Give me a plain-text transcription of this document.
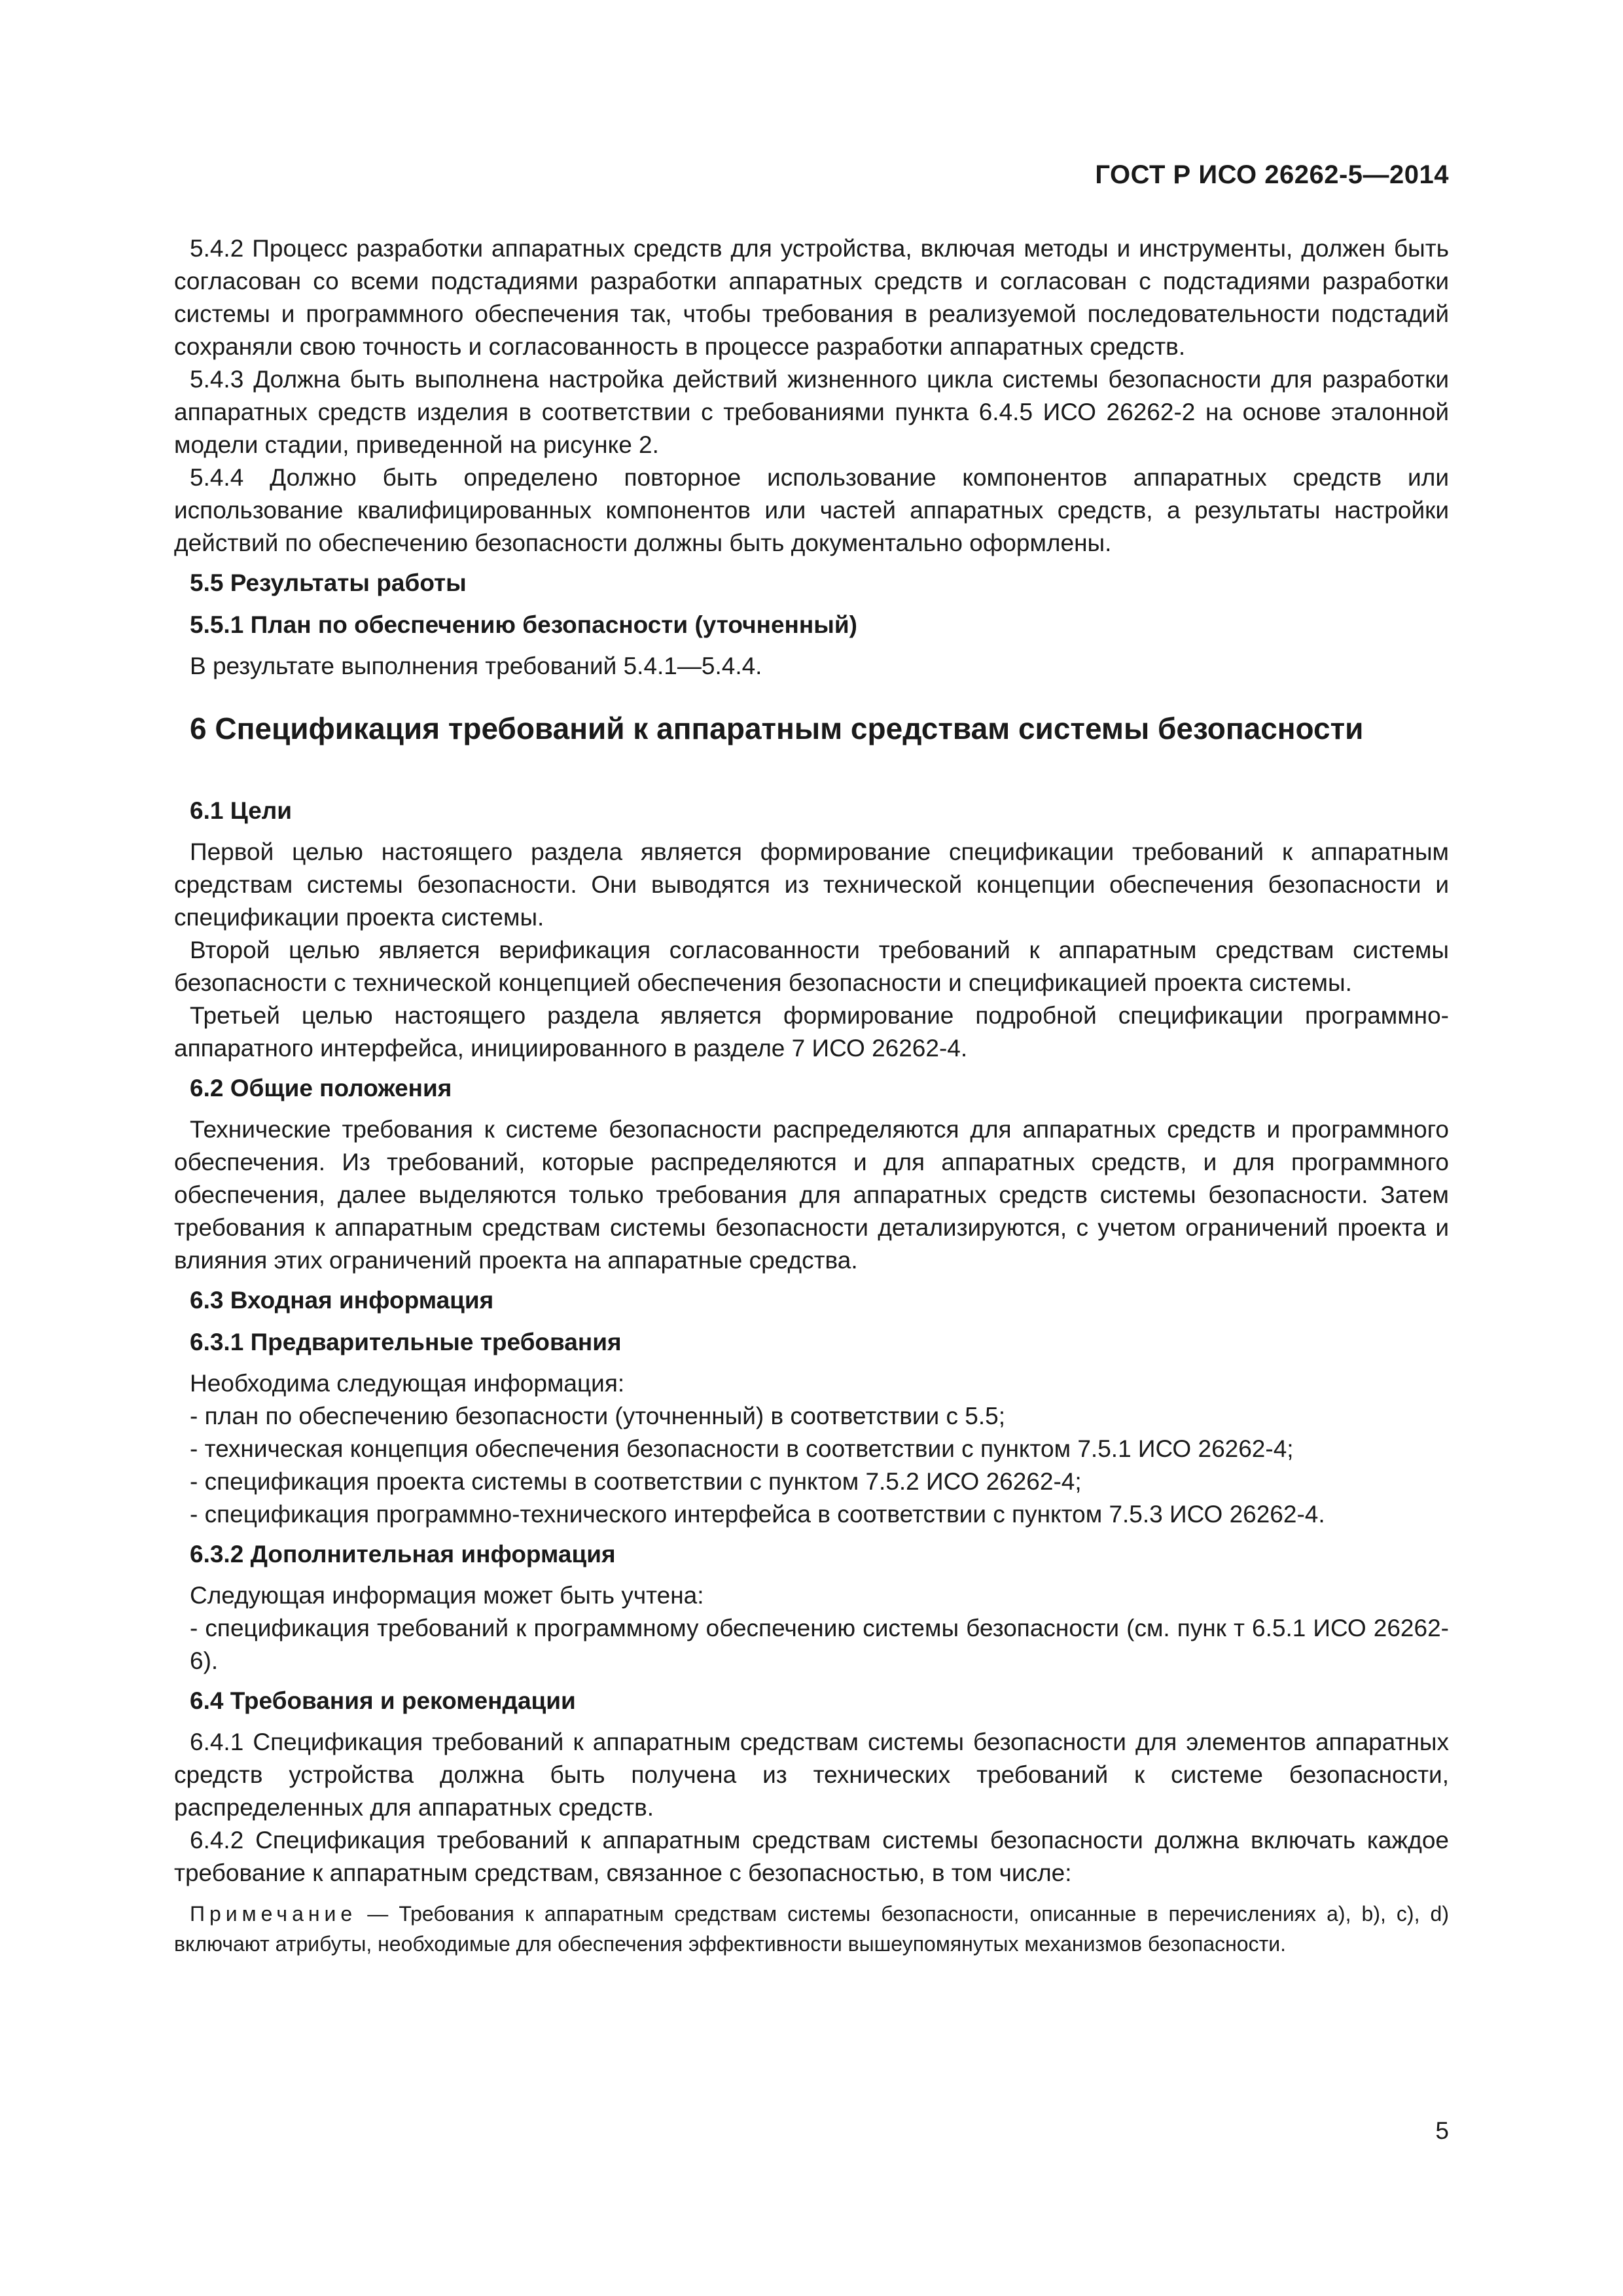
ГОСТ Р ИСО 26262-5—2014

5.4.2 Процесс разработки аппаратных средств для устройства, включая методы и инструменты, должен быть согласован со всеми подстадиями разработки аппаратных средств и согласован с подстадиями разработки системы и программного обеспечения так, чтобы требования в реализуемой последовательности подстадий сохраняли свою точность и согласованность в процессе разработки аппаратных средств.

5.4.3 Должна быть выполнена настройка действий жизненного цикла системы безопасности для разработки аппаратных средств изделия в соответствии с требованиями пункта 6.4.5 ИСО 26262-2 на основе эталонной модели стадии, приведенной на рисунке 2.

5.4.4 Должно быть определено повторное использование компонентов аппаратных средств или использование квалифицированных компонентов или частей аппаратных средств, а результаты настройки действий по обеспечению безопасности должны быть документально оформлены.

5.5 Результаты работы
5.5.1 План по обеспечению безопасности (уточненный)

В результате выполнения требований 5.4.1—5.4.4.

6 Спецификация требований к аппаратным средствам системы безопасности
6.1 Цели

Первой целью настоящего раздела является формирование спецификации требований к аппаратным средствам системы безопасности. Они выводятся из технической концепции обеспечения безопасности и спецификации проекта системы.

Второй целью является верификация согласованности требований к аппаратным средствам системы безопасности с технической концепцией обеспечения безопасности и спецификацией проекта системы.

Третьей целью настоящего раздела является формирование подробной спецификации программно-аппаратного интерфейса, инициированного в разделе 7 ИСО 26262-4.

6.2 Общие положения

Технические требования к системе безопасности распределяются для аппаратных средств и программного обеспечения. Из требований, которые распределяются и для аппаратных средств, и для программного обеспечения, далее выделяются только требования для аппаратных средств системы безопасности. Затем требования к аппаратным средствам системы безопасности детализируются, с учетом ограничений проекта и влияния этих ограничений проекта на аппаратные средства.

6.3 Входная информация
6.3.1 Предварительные требования

Необходима следующая информация:

- план по обеспечению безопасности (уточненный) в соответствии с 5.5;

- техническая концепция обеспечения безопасности в соответствии с пунктом 7.5.1 ИСО 26262-4;

- спецификация проекта системы в соответствии с пунктом 7.5.2 ИСО 26262-4;

- спецификация программно-технического интерфейса в соответствии с пунктом 7.5.3 ИСО 26262-4.

6.3.2 Дополнительная информация

Следующая информация может быть учтена:

- спецификация требований к программному обеспечению системы безопасности (см. пунк т 6.5.1 ИСО 26262-6).

6.4 Требования и рекомендации

6.4.1 Спецификация требований к аппаратным средствам системы безопасности для элементов аппаратных средств устройства должна быть получена из технических требований к системе безопасности, распределенных для аппаратных средств.

6.4.2 Спецификация требований к аппаратным средствам системы безопасности должна включать каждое требование к аппаратным средствам, связанное с безопасностью, в том числе:

Примечание — Требования к аппаратным средствам системы безопасности, описанные в перечислениях а), b), c), d) включают атрибуты, необходимые для обеспечения эффективности вышеупомянутых механизмов безопасности.

5
